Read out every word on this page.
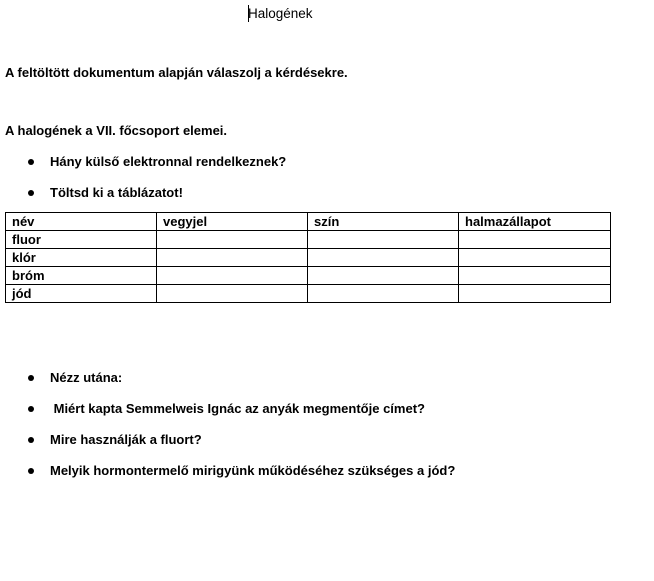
Halogének
A feltöltött dokumentum alapján válaszolj a kérdésekre.
A halogének a VII. főcsoport elemei.
Hány külső elektronnal rendelkeznek?
Töltsd ki a táblázatot!
név	vegyjel	szín	halmazállapot
fluor			
klór			
bróm			
jód			
Nézz utána:
Miért kapta Semmelweis Ignác az anyák megmentője címet?
Mire használják a fluort?
Melyik hormontermelő mirigyünk működéséhez szükséges a jód?
